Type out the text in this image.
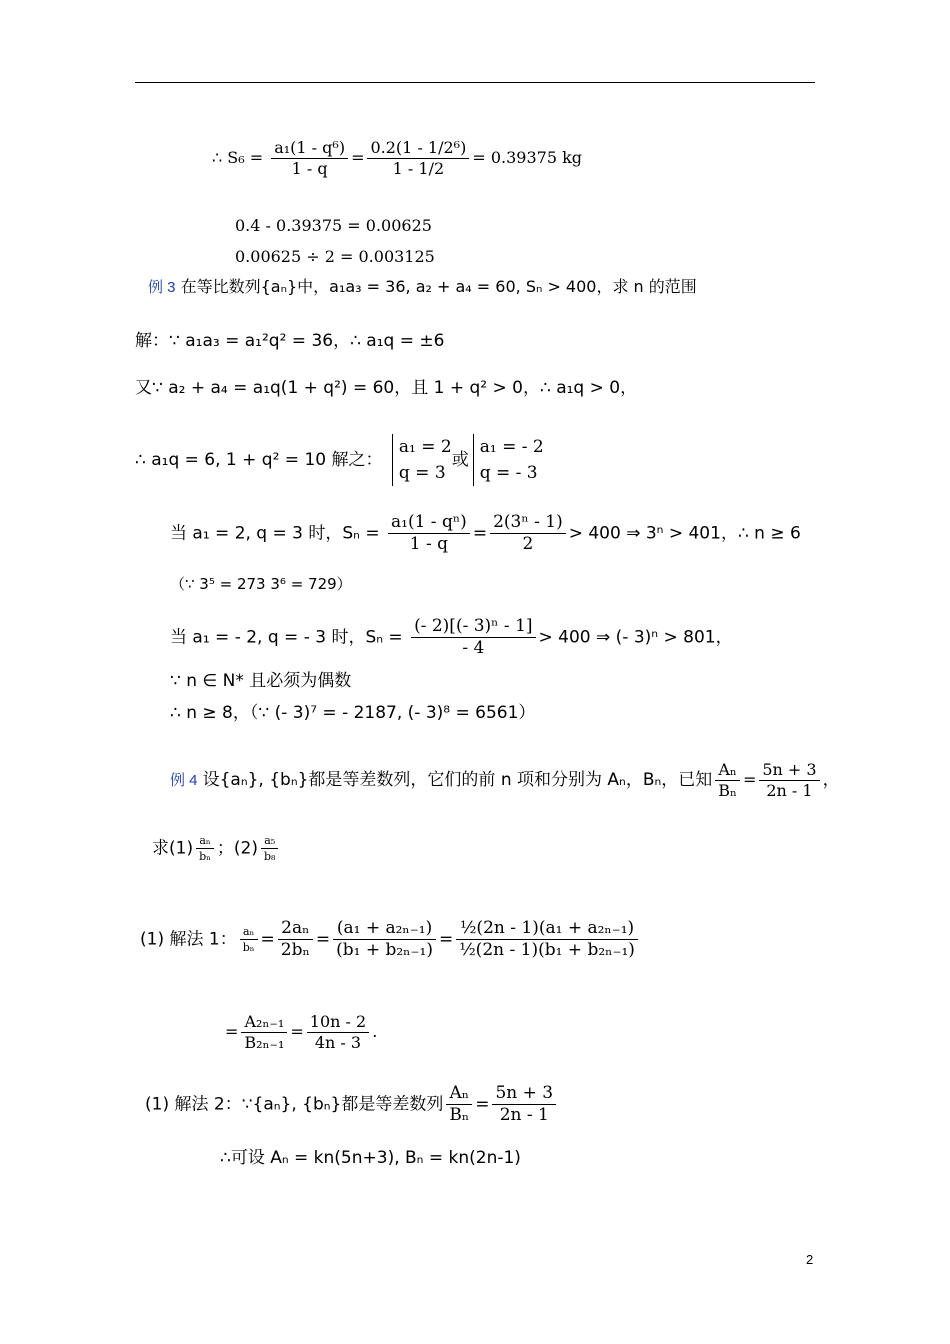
∴ $S_6 = \frac{\text{a₁(1 - q⁶)}}{1 - q} = \frac{\text{0.2(1 - 1/2⁶)}}{1 - 1/2} = 0.39375$ kg
0.4 - 0.39375 = 0.00625
0.00625 ÷ 2 = 0.003125
例 3 在等比数列{aₙ}中，a₁a₃ = 36, a₂ + a₄ = 60, Sₙ > 400，求 n 的范围
解：∵ a₁a₃ = a₁²q² = 36，∴ a₁q = ±6
又∵ a₂ + a₄ = a₁q(1 + q²) = 60，且 1 + q² > 0，∴ a₁q > 0，
∴ a₁q = 6, 1 + q² = 10 解之：
a₁ = 2
q = 3
或
a₁ = - 2
q = - 3
当 a₁ = 2, q = 3 时，$S_n = \frac{\text{a₁(1 - qⁿ)}}{1 - q} = \frac{\text{2(3ⁿ - 1)}}{2} > 400$ ⇒ 3ⁿ > 401，∴ n ≥ 6
（∵ 3⁵ = 273 3⁶ = 729）
当 a₁ = - 2, q = - 3 时，$S_n = \frac{\text{(- 2)[(- 3)ⁿ - 1]}}{- 4} > 400$ ⇒ (- 3)ⁿ > 801，
∵ n ∈ N* 且必须为偶数
∴ n ≥ 8，（∵ (- 3)⁷ = - 2187, (- 3)⁸ = 6561）
例 4 设{aₙ}, {bₙ}都是等差数列，它们的前 n 项和分别为 Aₙ，Bₙ，已知 $\frac{\text{Aₙ}}{\text{Bₙ}} = \frac{5n + 3}{2n - 1}$ ，
求$(1) \frac{\text{aₙ}}{\text{bₙ}}$ ；$(2) \frac{\text{a₅}}{\text{b₈}}$
(1) 解法 1： $\frac{\text{aₙ}}{\text{bₙ}} = \frac{\text{2aₙ}}{\text{2bₙ}} = \frac{\text{(a₁ + a₂ₙ₋₁)}}{\text{(b₁ + b₂ₙ₋₁)}} = \frac{\text{½(2n - 1)(a₁ + a₂ₙ₋₁)}}{\text{½(2n - 1)(b₁ + b₂ₙ₋₁)}}$
= $\frac{\text{A₂ₙ₋₁}}{\text{B₂ₙ₋₁}} = \frac{10n - 2}{4n - 3}$ .
(1) 解法 2：∵{aₙ}, {bₙ}都是等差数列 $\frac{\text{Aₙ}}{\text{Bₙ}} = \frac{5n + 3}{2n - 1}$
∴可设 Aₙ = kn(5n+3), Bₙ = kn(2n-1)
2
